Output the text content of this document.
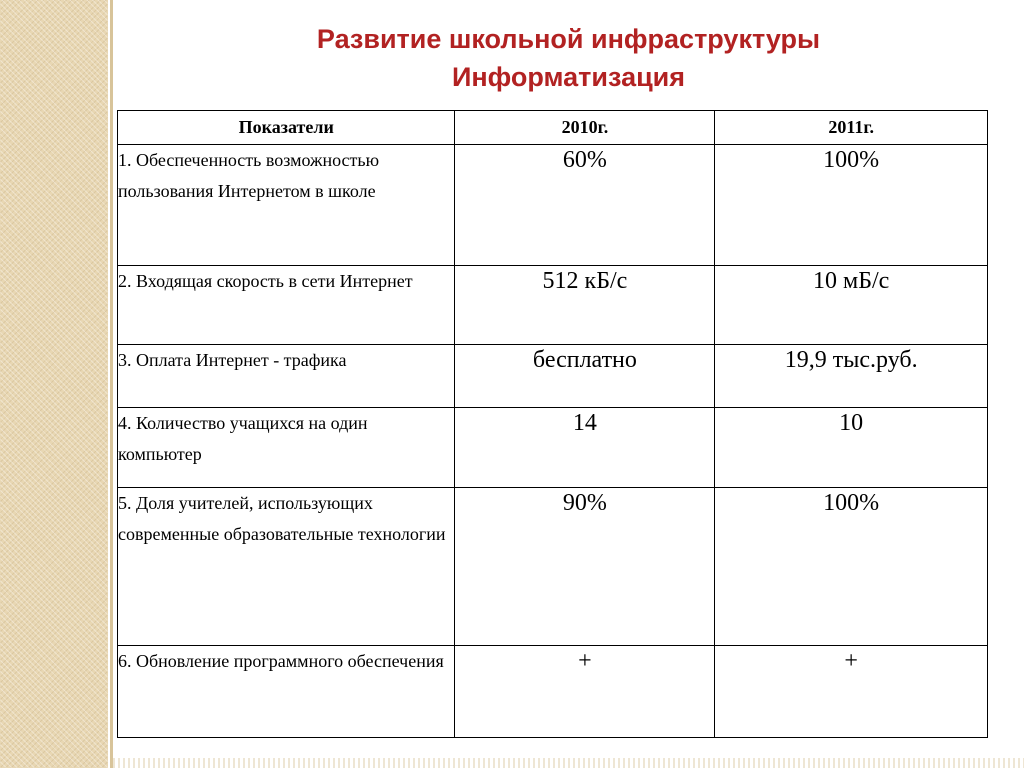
Развитие школьной инфраструктуры
Информатизация
Показатели	2010г.	2011г.
1. Обеспеченность возможностью пользования Интернетом в школе	60%	100%
2. Входящая скорость в сети Интернет	512 кБ/с	10 мБ/с
3. Оплата Интернет - трафика	бесплатно	19,9 тыс.руб.
4. Количество учащихся на один компьютер	14	10
5. Доля учителей, использующих современные образовательные технологии	90%	100%
6. Обновление программного обеспечения	+	+
